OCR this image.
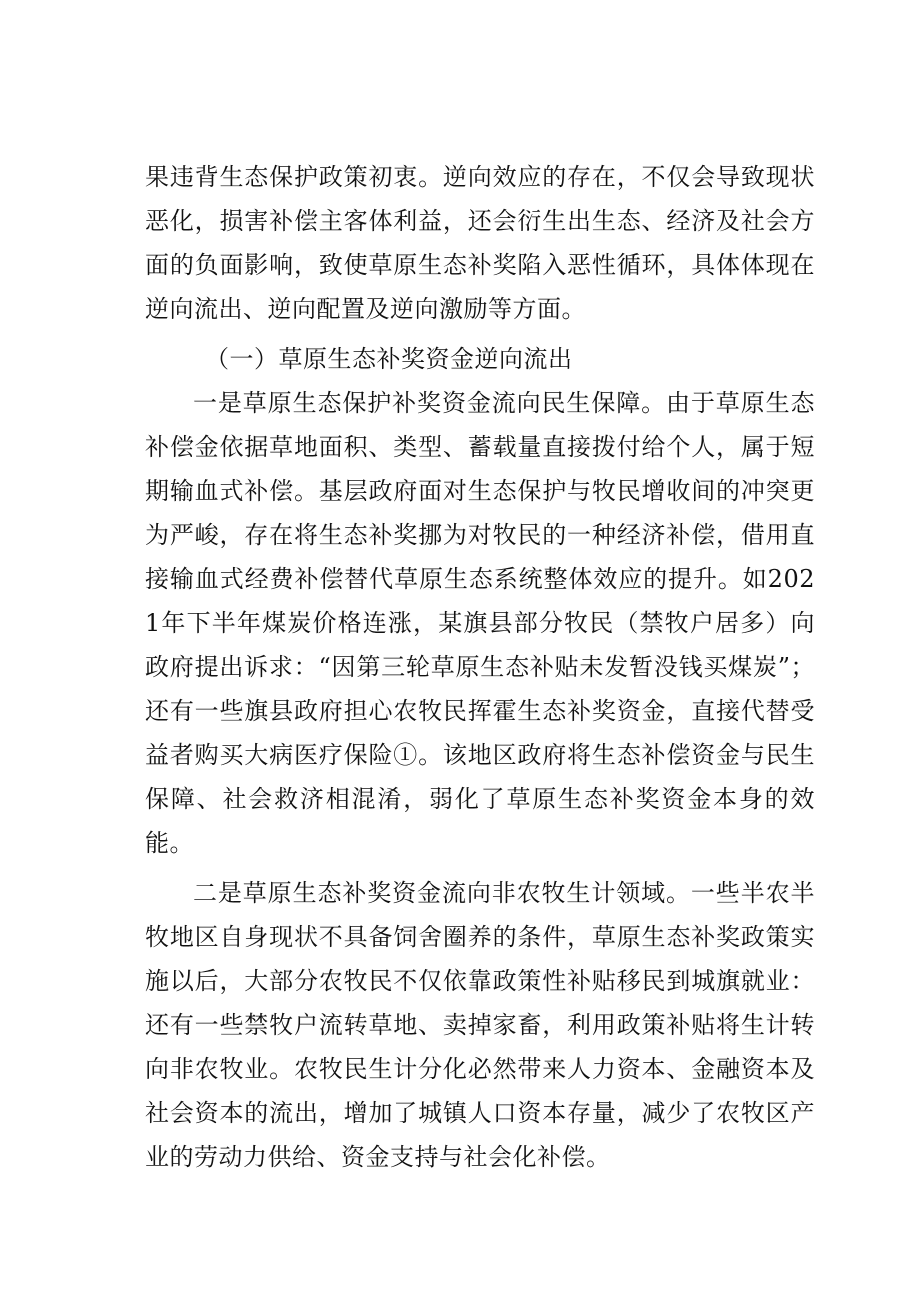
果违背生态保护政策初衷。逆向效应的存在，不仅会导致现状恶化，损害补偿主客体利益，还会衍生出生态、经济及社会方面的负面影响，致使草原生态补奖陷入恶性循环，具体体现在逆向流出、逆向配置及逆向激励等方面。

（一）草原生态补奖资金逆向流出

一是草原生态保护补奖资金流向民生保障。由于草原生态补偿金依据草地面积、类型、蓄载量直接拨付给个人，属于短期输血式补偿。基层政府面对生态保护与牧民增收间的冲突更为严峻，存在将生态补奖挪为对牧民的一种经济补偿，借用直接输血式经费补偿替代草原生态系统整体效应的提升。如2021年下半年煤炭价格连涨，某旗县部分牧民（禁牧户居多）向政府提出诉求：“因第三轮草原生态补贴未发暂没钱买煤炭”；还有一些旗县政府担心农牧民挥霍生态补奖资金，直接代替受益者购买大病医疗保险①。该地区政府将生态补偿资金与民生保障、社会救济相混淆，弱化了草原生态补奖资金本身的效能。

二是草原生态补奖资金流向非农牧生计领域。一些半农半牧地区自身现状不具备饲舍圈养的条件，草原生态补奖政策实施以后，大部分农牧民不仅依靠政策性补贴移民到城旗就业：还有一些禁牧户流转草地、卖掉家畜，利用政策补贴将生计转向非农牧业。农牧民生计分化必然带来人力资本、金融资本及社会资本的流出，增加了城镇人口资本存量，减少了农牧区产业的劳动力供给、资金支持与社会化补偿。
